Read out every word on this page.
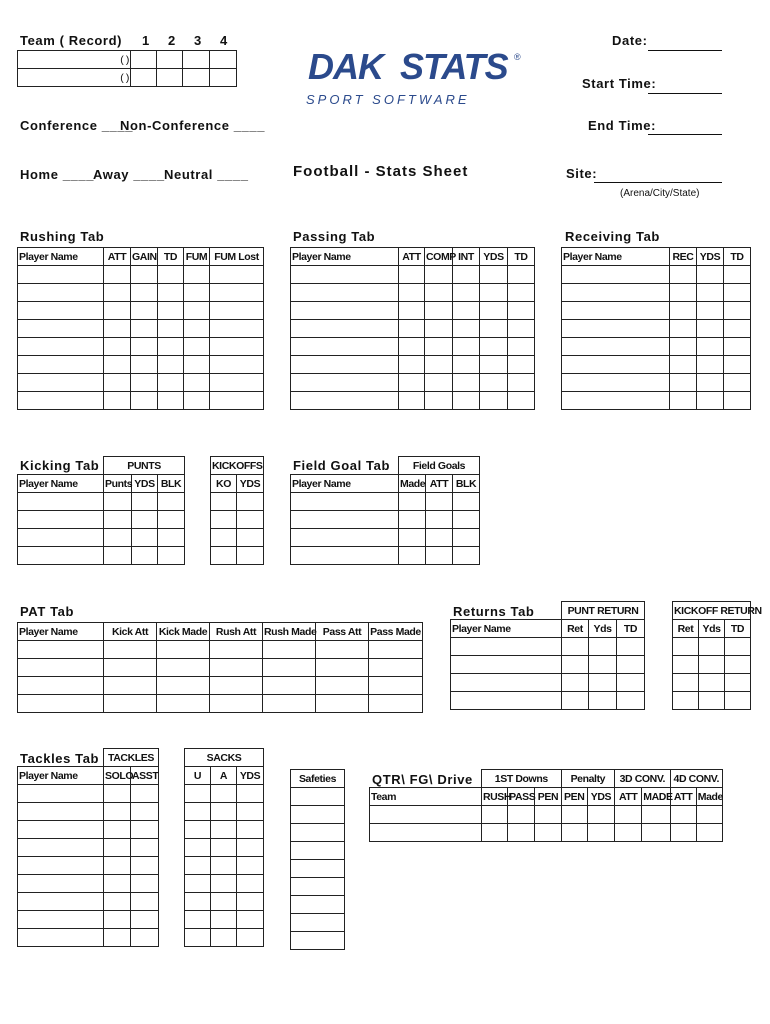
Team ( Record) 1 2 3 4
( )				
( )				
Conference ____
Non-Conference ____
Home ____
Away ____ Neutral ____
DAK STATS ®
SPORT SOFTWARE
Football - Stats Sheet
Date:
Start Time:
End Time:
Site:
(Arena/City/State)
Rushing Tab
Player Name	ATT	GAIN	TD	FUM	FUM Lost

Passing Tab
Player Name	ATT	COMP	INT	YDS	TD

Receiving Tab
Player Name	REC	YDS	TD

Kicking Tab
		PUNTS		
Player Name	Punts	YDS	BLK

KICKOFFS	
KO	YDS

Field Goal Tab
	Field Goals		
Player Name	Made	ATT	BLK

PAT Tab
Player Name	Kick Att	Kick Made	Rush Att	Rush Made	Pass Att	Pass Made

Returns Tab
		PUNT RETURN		
Player Name	Ret	Yds	TD

KICKOFF RETURN		
Ret	Yds	TD

Tackles Tab
	TACKLES	
Player Name	SOLO	ASST

SACKS		
U	A	YDS

			Safeties	QTR\ FG\ Drive
	1ST Downs			Penalty		3D CONV.		4D CONV.	
Team	RUSH	PASS	PEN	PEN	YDS	ATT	MADE	ATT	Made
